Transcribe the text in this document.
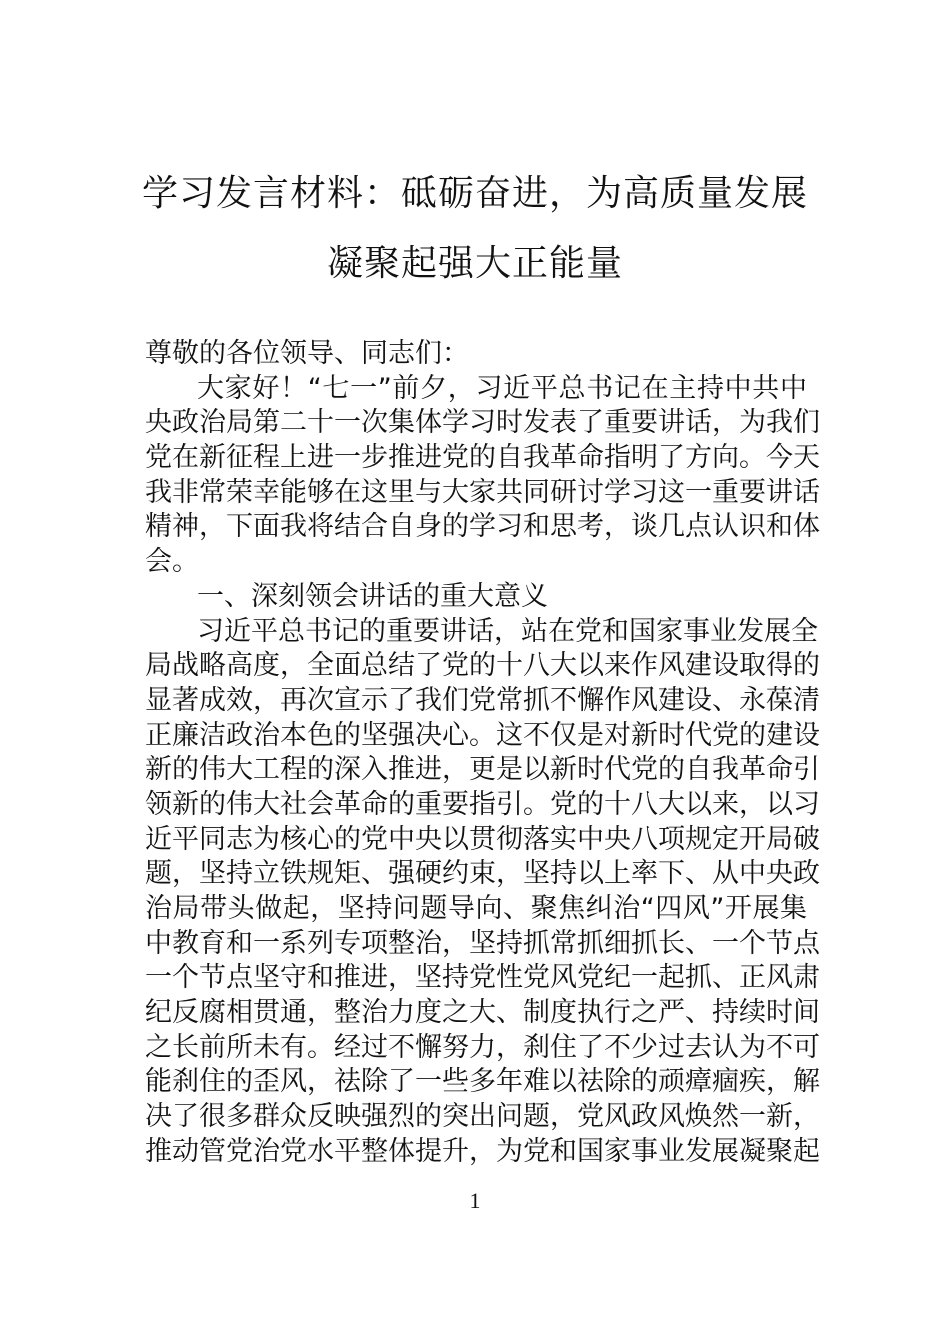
学习发言材料：砥砺奋进，为高质量发展
凝聚起强大正能量
尊敬的各位领导、同志们：
大家好！“七一”前夕，习近平总书记在主持中共中
央政治局第二十一次集体学习时发表了重要讲话，为我们
党在新征程上进一步推进党的自我革命指明了方向。今天
我非常荣幸能够在这里与大家共同研讨学习这一重要讲话
精神，下面我将结合自身的学习和思考，谈几点认识和体
会。
一、深刻领会讲话的重大意义
习近平总书记的重要讲话，站在党和国家事业发展全
局战略高度，全面总结了党的十八大以来作风建设取得的
显著成效，再次宣示了我们党常抓不懈作风建设、永葆清
正廉洁政治本色的坚强决心。这不仅是对新时代党的建设
新的伟大工程的深入推进，更是以新时代党的自我革命引
领新的伟大社会革命的重要指引。党的十八大以来，以习
近平同志为核心的党中央以贯彻落实中央八项规定开局破
题，坚持立铁规矩、强硬约束，坚持以上率下、从中央政
治局带头做起，坚持问题导向、聚焦纠治“四风”开展集
中教育和一系列专项整治，坚持抓常抓细抓长、一个节点
一个节点坚守和推进，坚持党性党风党纪一起抓、正风肃
纪反腐相贯通，整治力度之大、制度执行之严、持续时间
之长前所未有。经过不懈努力，刹住了不少过去认为不可
能刹住的歪风，祛除了一些多年难以祛除的顽瘴痼疾，解
决了很多群众反映强烈的突出问题，党风政风焕然一新，
推动管党治党水平整体提升，为党和国家事业发展凝聚起
1
